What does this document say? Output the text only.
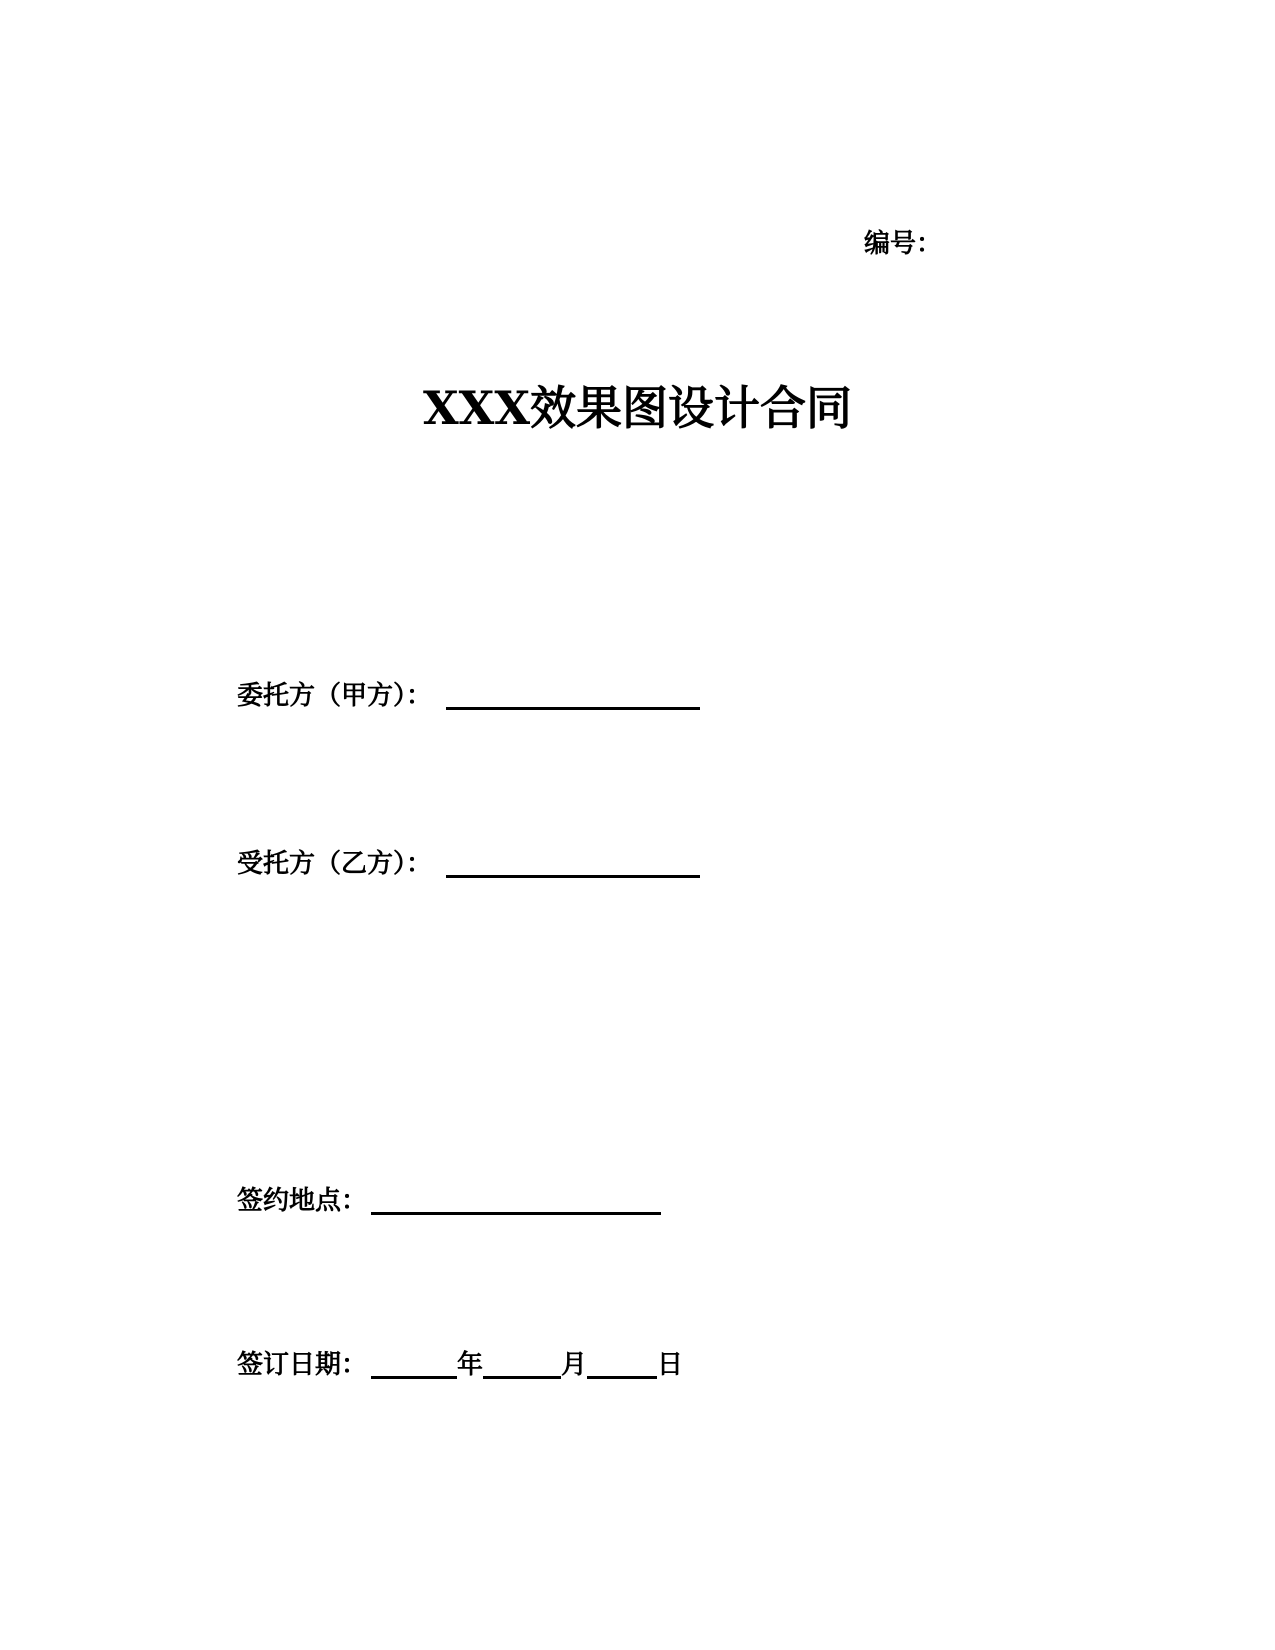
编号：
XXX效果图设计合同
委托方（甲方）：
受托方（乙方）：
签约地点：
签订日期：	年	月	日
